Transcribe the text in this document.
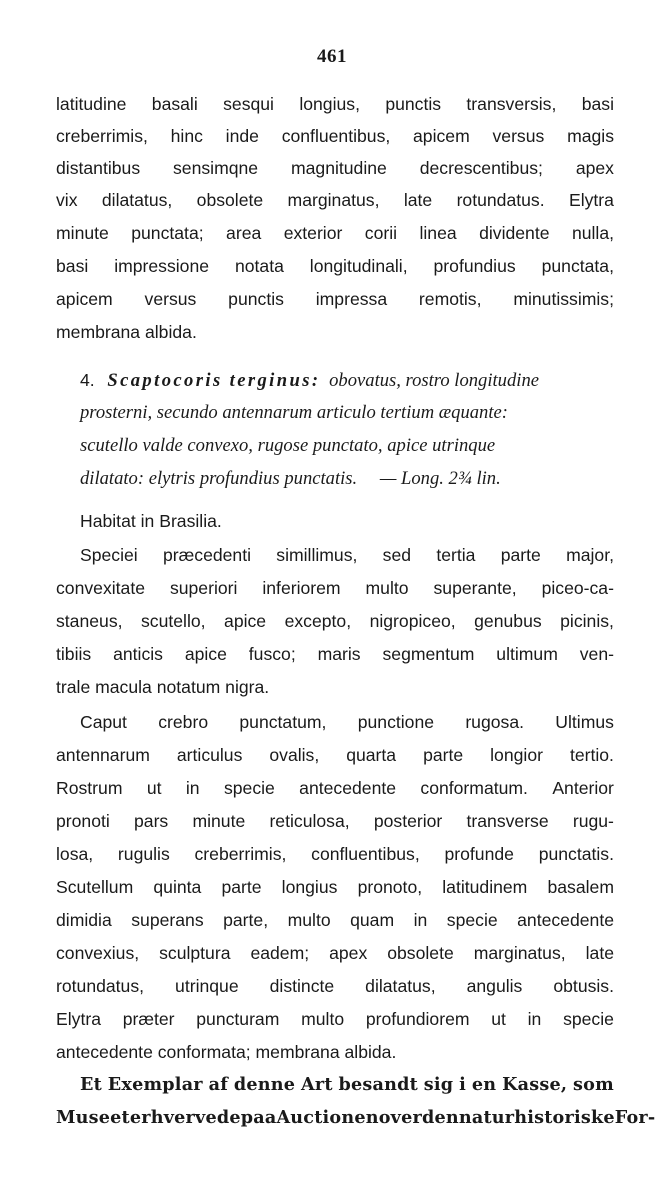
461
latitudine basali sesqui longius, punctis transversis, basi
creberrimis, hinc inde confluentibus, apicem versus magis
distantibus sensimqne magnitudine decrescentibus; apex
vix dilatatus, obsolete marginatus, late rotundatus. Elytra
minute punctata; area exterior corii linea dividente nulla,
basi impressione notata longitudinali, profundius punctata,
apicem versus punctis impressa remotis, minutissimis;
membrana albida.
4. Scaptocoris terginus: obovatus, rostro longitudine
prosterni, secundo antennarum articulo tertium æquante:
scutello valde convexo, rugose punctato, apice utrinque
dilatato: elytris profundius punctatis. — Long. 2¾ lin.
Habitat in Brasilia.
Speciei præcedenti simillimus, sed tertia parte major,
convexitate superiori inferiorem multo superante, piceo-ca-
staneus, scutello, apice excepto, nigropiceo, genubus picinis,
tibiis anticis apice fusco; maris segmentum ultimum ven-
trale macula notatum nigra.
Caput crebro punctatum, punctione rugosa. Ultimus
antennarum articulus ovalis, quarta parte longior tertio.
Rostrum ut in specie antecedente conformatum. Anterior
pronoti pars minute reticulosa, posterior transverse rugu-
losa, rugulis creberrimis, confluentibus, profunde punctatis.
Scutellum quinta parte longius pronoto, latitudinem basalem
dimidia superans parte, multo quam in specie antecedente
convexius, sculptura eadem; apex obsolete marginatus, late
rotundatus, utrinque distincte dilatatus, angulis obtusis.
Elytra præter puncturam multo profundiorem ut in specie
antecedente conformata; membrana albida.
Et Exemplar af denne Art besandt sig i en Kasse, som
Museet erhvervede paa Auctionen over den naturhistoriske For-
